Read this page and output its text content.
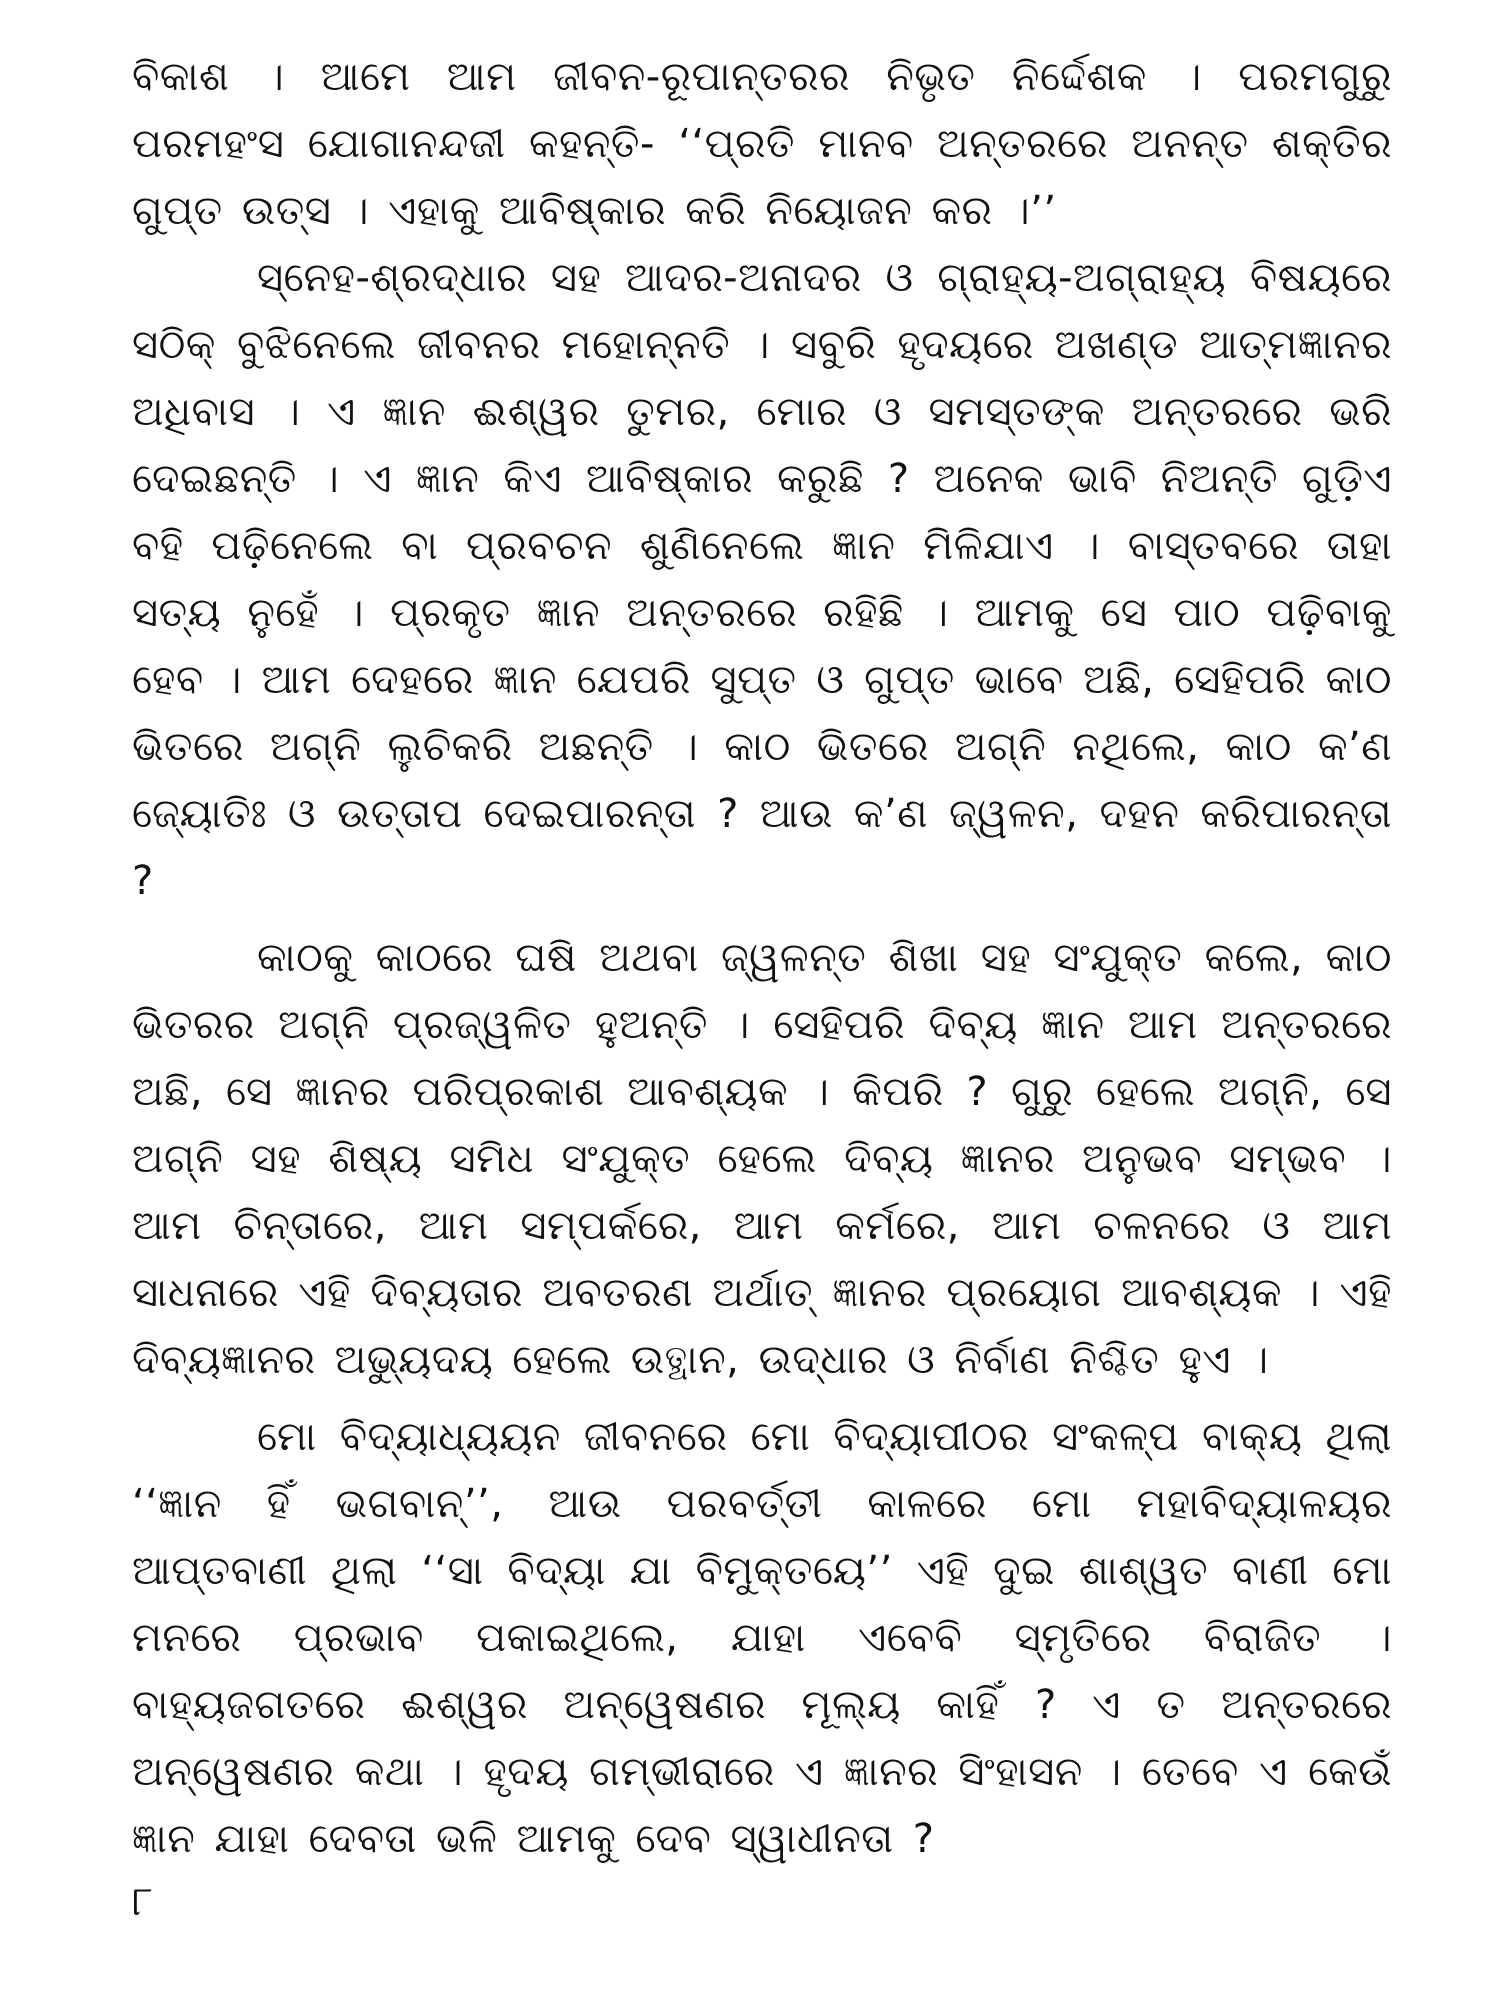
ବିକାଶ । ଆମେ ଆମ ଜୀବନ-ରୂପାନ୍ତରର ନିଭୃତ ନିର୍ଦ୍ଦେଶକ । ପରମଗୁରୁ ପରମହଂସ ଯୋଗାନନ୍ଦଜୀ କହନ୍ତି- ‘‘ପ୍ରତି ମାନବ ଅନ୍ତରରେ ଅନନ୍ତ ଶକ୍ତିର ଗୁପ୍ତ ଉତ୍ସ । ଏହାକୁ ଆବିଷ୍କାର କରି ନିୟୋଜନ କର ।’’

ସ୍ନେହ-ଶ୍ରଦ୍ଧାର ସହ ଆଦର-ଅନାଦର ଓ ଗ୍ରାହ୍ୟ-ଅଗ୍ରାହ୍ୟ ବିଷୟରେ ସଠିକ୍ ବୁଝିନେଲେ ଜୀବନର ମହୋନ୍ନତି । ସବୁରି ହୃଦୟରେ ଅଖଣ୍ଡ ଆତ୍ମଜ୍ଞାନର ଅଧିବାସ । ଏ ଜ୍ଞାନ ଈଶ୍ୱର ତୁମର, ମୋର ଓ ସମସ୍ତଙ୍କ ଅନ୍ତରରେ ଭରି ଦେଇଛନ୍ତି । ଏ ଜ୍ଞାନ କିଏ ଆବିଷ୍କାର କରୁଛି ? ଅନେକ ଭାବି ନିଅନ୍ତି ଗୁଡ଼ିଏ ବହି ପଢ଼ିନେଲେ ବା ପ୍ରବଚନ ଶୁଣିନେଲେ ଜ୍ଞାନ ମିଳିଯାଏ । ବାସ୍ତବରେ ତାହା ସତ୍ୟ ନୁହେଁ । ପ୍ରକୃତ ଜ୍ଞାନ ଅନ୍ତରରେ ରହିଛି । ଆମକୁ ସେ ପାଠ ପଢ଼ିବାକୁ ହେବ । ଆମ ଦେହରେ ଜ୍ଞାନ ଯେପରି ସୁପ୍ତ ଓ ଗୁପ୍ତ ଭାବେ ଅଛି, ସେହିପରି କାଠ ଭିତରେ ଅଗ୍ନି ଲୁଚିକରି ଅଛନ୍ତି । କାଠ ଭିତରେ ଅଗ୍ନି ନଥିଲେ, କାଠ କ’ଣ ଜ୍ୟୋତିଃ ଓ ଉତ୍ତାପ ଦେଇପାରନ୍ତା ? ଆଉ କ’ଣ ଜ୍ୱଳନ, ଦହନ କରିପାରନ୍ତା ?

କାଠକୁ କାଠରେ ଘଷି ଅଥବା ଜ୍ୱଳନ୍ତ ଶିଖା ସହ ସଂଯୁକ୍ତ କଲେ, କାଠ ଭିତରର ଅଗ୍ନି ପ୍ରଜ୍ୱଳିତ ହୁଅନ୍ତି । ସେହିପରି ଦିବ୍ୟ ଜ୍ଞାନ ଆମ ଅନ୍ତରରେ ଅଛି, ସେ ଜ୍ଞାନର ପରିପ୍ରକାଶ ଆବଶ୍ୟକ । କିପରି ? ଗୁରୁ ହେଲେ ଅଗ୍ନି, ସେ ଅଗ୍ନି ସହ ଶିଷ୍ୟ ସମିଧ ସଂଯୁକ୍ତ ହେଲେ ଦିବ୍ୟ ଜ୍ଞାନର ଅନୁଭବ ସମ୍ଭବ । ଆମ ଚିନ୍ତାରେ, ଆମ ସମ୍ପର୍କରେ, ଆମ କର୍ମରେ, ଆମ ଚଳନରେ ଓ ଆମ ସାଧନାରେ ଏହି ଦିବ୍ୟତାର ଅବତରଣ ଅର୍ଥାତ୍ ଜ୍ଞାନର ପ୍ରୟୋଗ ଆବଶ୍ୟକ । ଏହି ଦିବ୍ୟଜ୍ଞାନର ଅଭ୍ୟୁଦୟ ହେଲେ ଉତ୍ଥାନ, ଉଦ୍ଧାର ଓ ନିର୍ବାଣ ନିଶ୍ଚିତ ହୁଏ ।

ମୋ ବିଦ୍ୟାଧ୍ୟୟନ ଜୀବନରେ ମୋ ବିଦ୍ୟାପୀଠର ସଂକଳ୍ପ ବାକ୍ୟ ଥିଲା ‘‘ଜ୍ଞାନ ହିଁ ଭଗବାନ୍’’, ଆଉ ପରବର୍ତ୍ତୀ କାଳରେ ମୋ ମହାବିଦ୍ୟାଳୟର ଆପ୍ତବାଣୀ ଥିଲା ‘‘ସା ବିଦ୍ୟା ଯା ବିମୁକ୍ତୟେ’’ ଏହି ଦୁଇ ଶାଶ୍ୱତ ବାଣୀ ମୋ ମନରେ ପ୍ରଭାବ ପକାଇଥିଲେ, ଯାହା ଏବେବି ସ୍ମୃତିରେ ବିରାଜିତ । ବାହ୍ୟଜଗତରେ ଈଶ୍ୱର ଅନ୍ୱେଷଣର ମୂଲ୍ୟ କାହିଁ ? ଏ ତ ଅନ୍ତରରେ ଅନ୍ୱେଷଣର କଥା । ହୃଦୟ ଗମ୍ଭୀରାରେ ଏ ଜ୍ଞାନର ସିଂହାସନ । ତେବେ ଏ କେଉଁ ଜ୍ଞାନ ଯାହା ଦେବତା ଭଳି ଆମକୁ ଦେବ ସ୍ୱାଧୀନତା ?

୮
